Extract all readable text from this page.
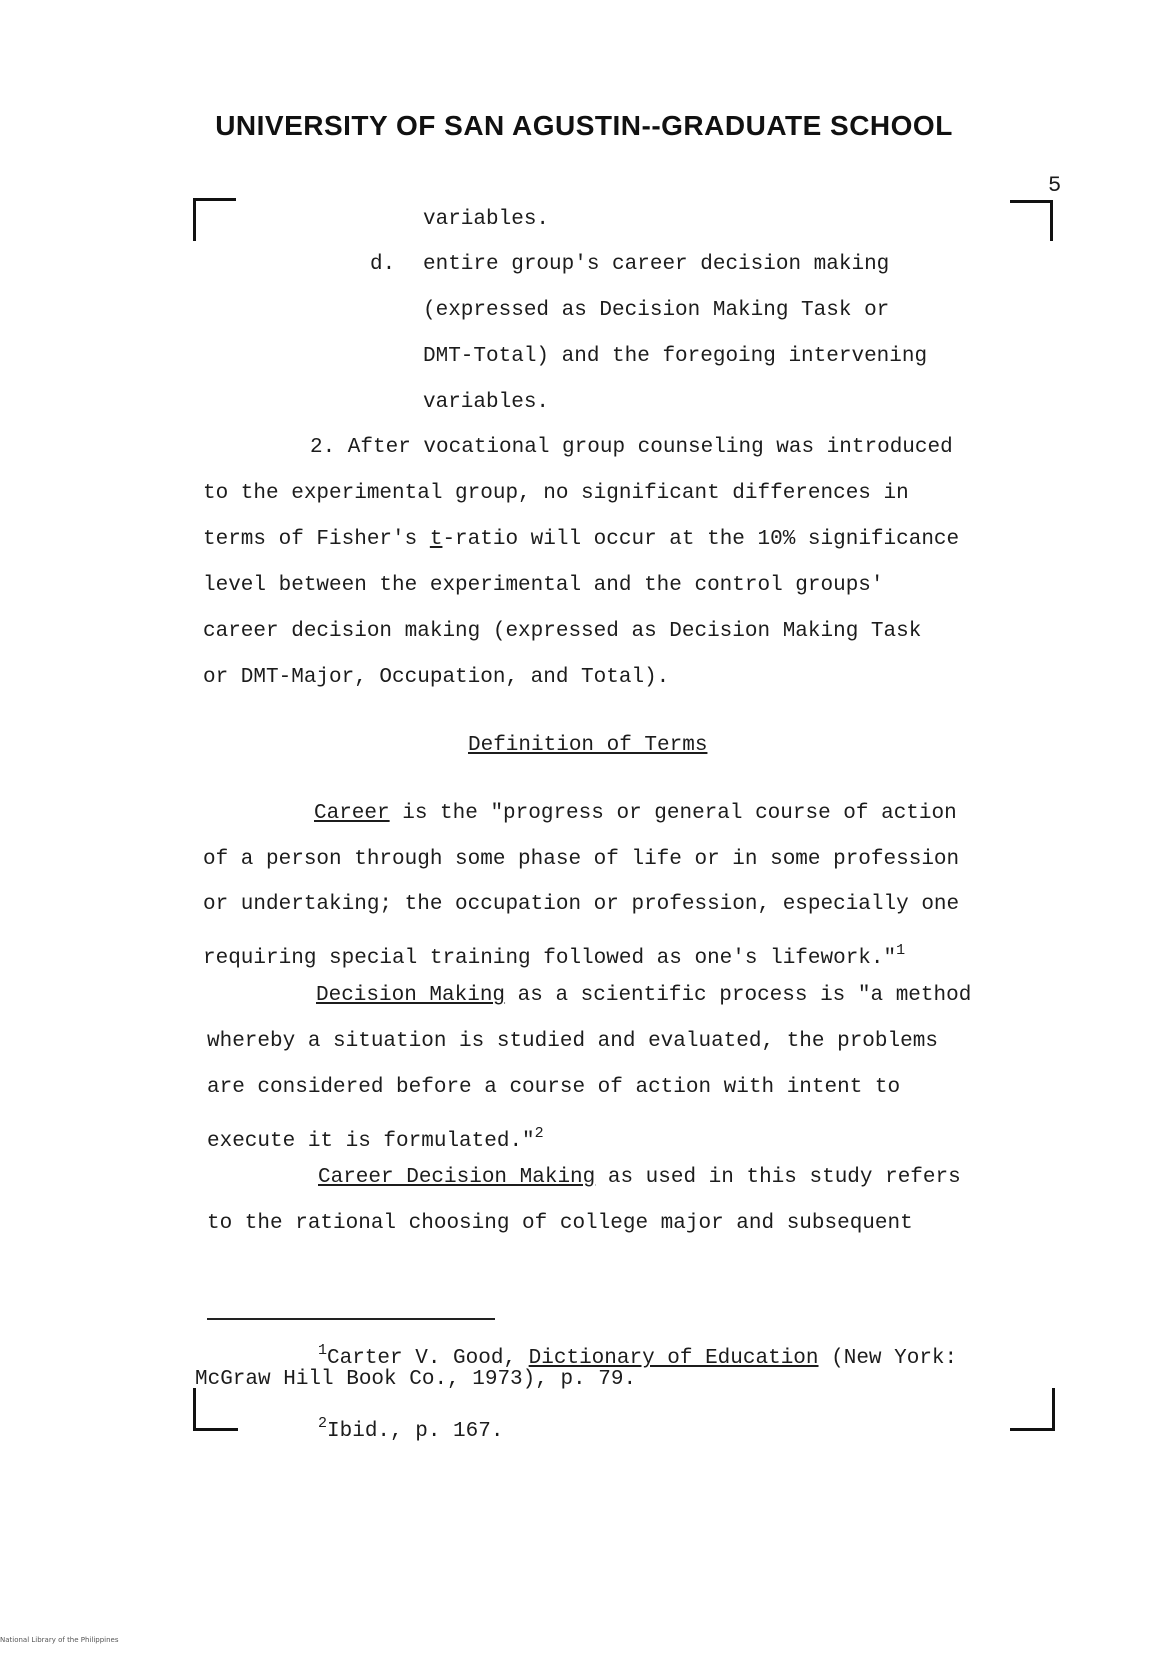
UNIVERSITY OF SAN AGUSTIN--GRADUATE SCHOOL
5
variables.
d. entire group's career decision making
(expressed as Decision Making Task or
DMT-Total) and the foregoing intervening
variables.
2. After vocational group counseling was introduced
to the experimental group, no significant differences in
terms of Fisher's t-ratio will occur at the 10% significance
level between the experimental and the control groups'
career decision making (expressed as Decision Making Task
or DMT-Major, Occupation, and Total).
Definition of Terms
Career is the "progress or general course of action
of a person through some phase of life or in some profession
or undertaking; the occupation or profession, especially one
requiring special training followed as one's lifework."$^1$
Decision Making as a scientific process is "a method
whereby a situation is studied and evaluated, the problems
are considered before a course of action with intent to
execute it is formulated."$^2$
Career Decision Making as used in this study refers
to the rational choosing of college major and subsequent
$^1$Carter V. Good, Dictionary of Education (New York:
McGraw Hill Book Co., 1973), p. 79.
$^2$Ibid., p. 167.
National Library of the Philippines
